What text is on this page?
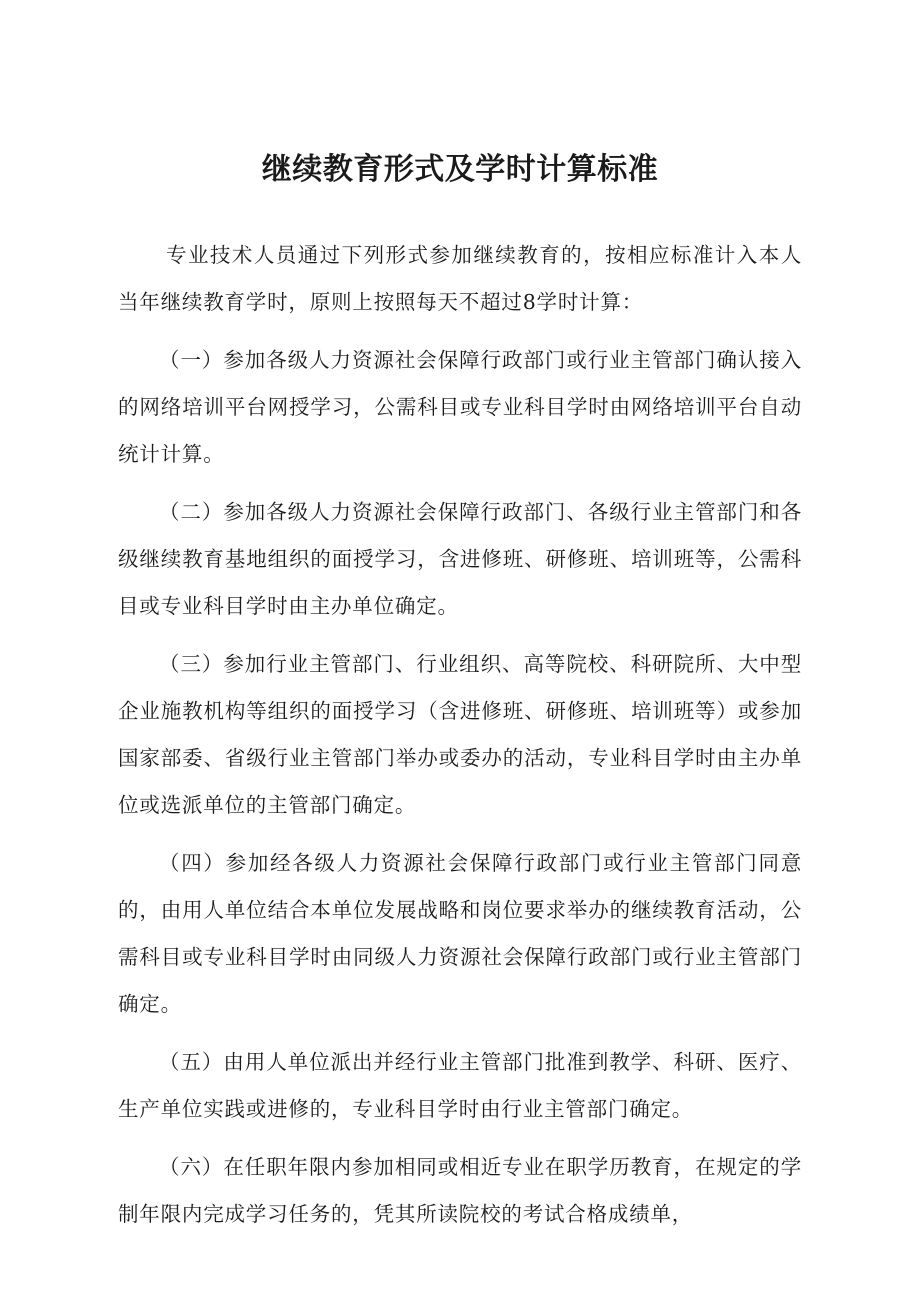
继续教育形式及学时计算标准

专业技术人员通过下列形式参加继续教育的，按相应标准计入本人当年继续教育学时，原则上按照每天不超过8学时计算：

（一）参加各级人力资源社会保障行政部门或行业主管部门确认接入的网络培训平台网授学习，公需科目或专业科目学时由网络培训平台自动统计计算。

（二）参加各级人力资源社会保障行政部门、各级行业主管部门和各级继续教育基地组织的面授学习，含进修班、研修班、培训班等，公需科目或专业科目学时由主办单位确定。

（三）参加行业主管部门、行业组织、高等院校、科研院所、大中型企业施教机构等组织的面授学习（含进修班、研修班、培训班等）或参加国家部委、省级行业主管部门举办或委办的活动，专业科目学时由主办单位或选派单位的主管部门确定。

（四）参加经各级人力资源社会保障行政部门或行业主管部门同意的，由用人单位结合本单位发展战略和岗位要求举办的继续教育活动，公需科目或专业科目学时由同级人力资源社会保障行政部门或行业主管部门确定。

（五）由用人单位派出并经行业主管部门批准到教学、科研、医疗、生产单位实践或进修的，专业科目学时由行业主管部门确定。

（六）在任职年限内参加相同或相近专业在职学历教育，在规定的学制年限内完成学习任务的，凭其所读院校的考试合格成绩单，
